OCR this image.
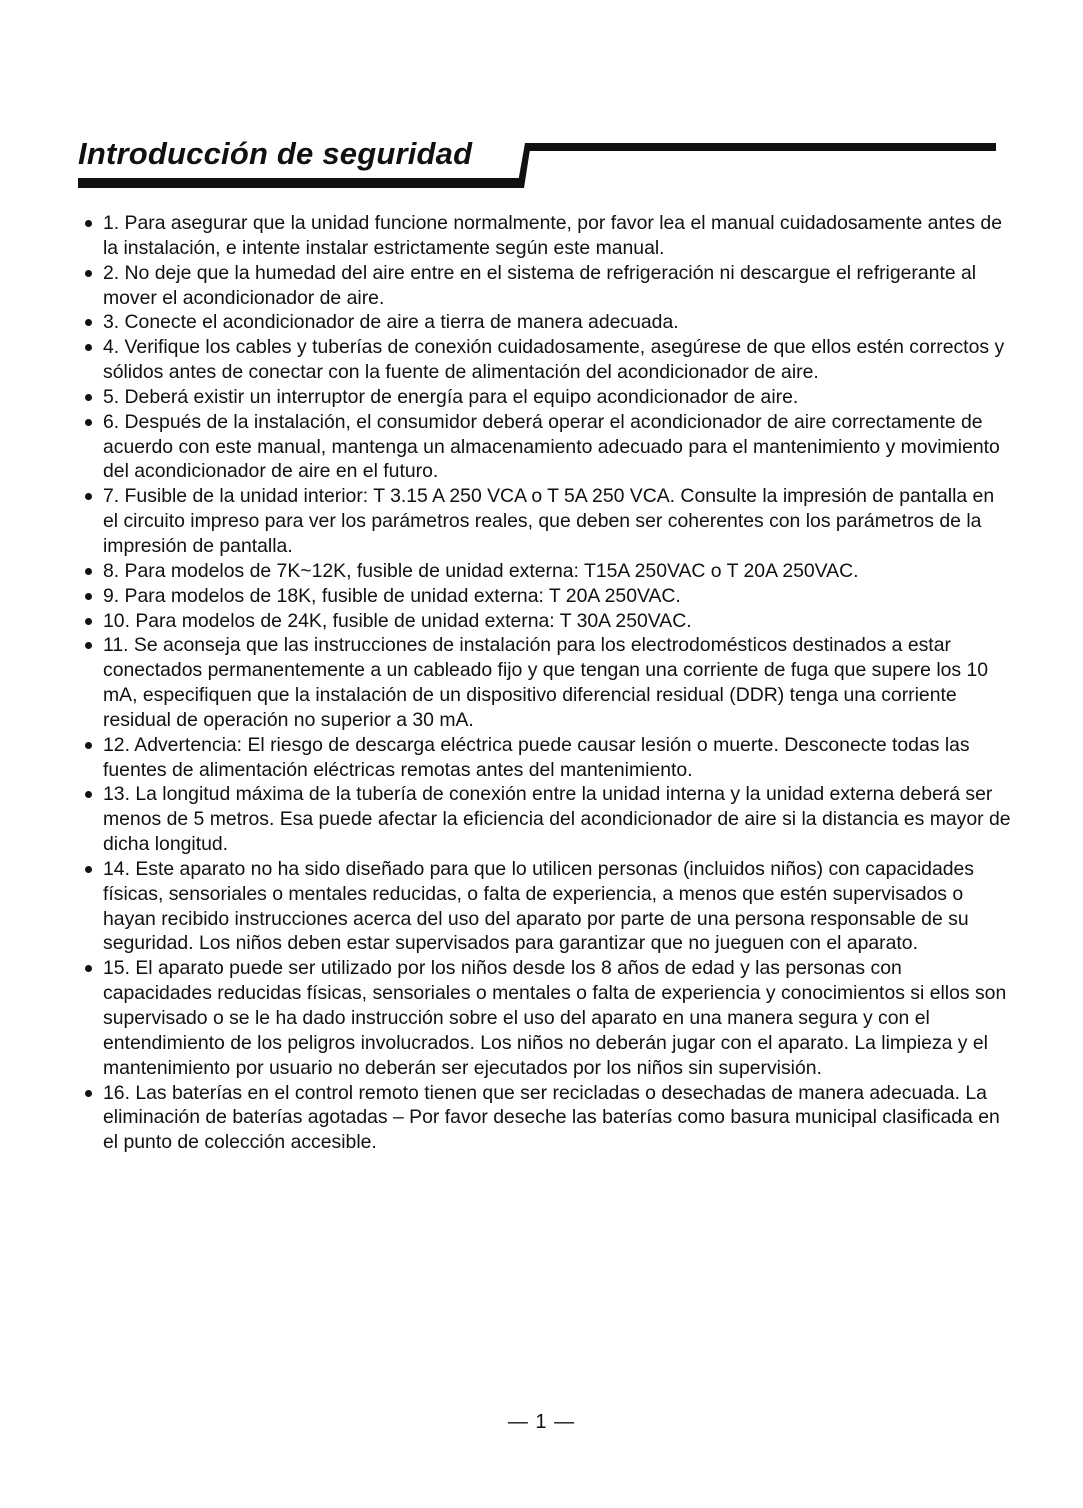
Introducción de seguridad
1. Para asegurar que la unidad funcione normalmente, por favor lea el manual cuidadosamente antes de la instalación, e intente instalar estrictamente según este manual.
2. No deje que la humedad del aire entre en el sistema de refrigeración ni descargue el refrigerante al mover el acondicionador de aire.
3. Conecte el acondicionador de aire a tierra de manera adecuada.
4. Verifique los cables y tuberías de conexión cuidadosamente, asegúrese de que ellos estén correctos y sólidos antes de conectar con la fuente de alimentación del acondicionador de aire.
5. Deberá existir un interruptor de energía para el equipo acondicionador de aire.
6. Después de la instalación, el consumidor deberá operar el acondicionador de aire correctamente de acuerdo con este manual, mantenga un almacenamiento adecuado para el mantenimiento y movimiento del acondicionador de aire en el futuro.
7. Fusible de la unidad interior: T 3.15 A 250 VCA o T 5A 250 VCA. Consulte la impresión de pantalla en el circuito impreso para ver los parámetros reales, que deben ser coherentes con los parámetros de la impresión de pantalla.
8. Para modelos de 7K~12K, fusible de unidad externa: T15A 250VAC o T 20A 250VAC.
9. Para modelos de 18K, fusible de unidad externa: T 20A 250VAC.
10. Para modelos de 24K, fusible de unidad externa: T 30A 250VAC.
11. Se aconseja que las instrucciones de instalación para los electrodomésticos destinados a estar conectados permanentemente a un cableado fijo y que tengan una corriente de fuga que supere los 10 mA, especifiquen que la instalación de un dispositivo diferencial residual (DDR) tenga una corriente residual de operación no superior a 30 mA.
12. Advertencia: El riesgo de descarga eléctrica puede causar lesión o muerte. Desconecte todas las fuentes de alimentación eléctricas remotas antes del mantenimiento.
13. La longitud máxima de la tubería de conexión entre la unidad interna y la unidad externa deberá ser menos de 5 metros. Esa puede afectar la eficiencia del acondicionador de aire si la distancia es mayor de dicha longitud.
14. Este aparato no ha sido diseñado para que lo utilicen personas (incluidos niños) con capacidades físicas, sensoriales o mentales reducidas, o falta de experiencia, a menos que estén supervisados o hayan recibido instrucciones acerca del uso del aparato por parte de una persona responsable de su seguridad. Los niños deben estar supervisados para garantizar que no jueguen con el aparato.
15. El aparato puede ser utilizado por los niños desde los 8 años de edad y las personas con capacidades reducidas físicas, sensoriales o mentales o falta de experiencia y conocimientos si ellos son supervisado o se le ha dado instrucción sobre el uso del aparato en una manera segura y con el entendimiento de los peligros involucrados. Los niños no deberán jugar con el aparato. La limpieza y el mantenimiento por usuario no deberán ser ejecutados por los niños sin supervisión.
16. Las baterías en el control remoto tienen que ser recicladas o desechadas de manera adecuada. La eliminación de baterías agotadas – Por favor deseche las baterías como basura municipal clasificada en el punto de colección accesible.
— 1 —
